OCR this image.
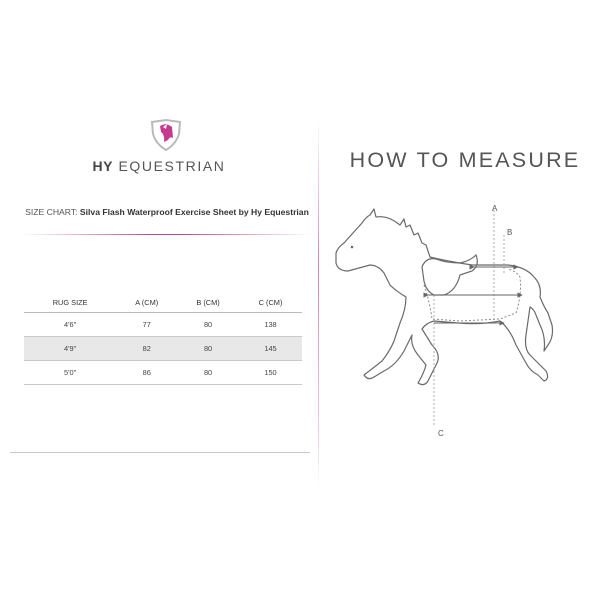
HY EQUESTRIAN
SIZE CHART: Silva Flash Waterproof Exercise Sheet by Hy Equestrian
RUG SIZE	A (CM)	B (CM)	C (CM)
4'6"	77	80	138
4'9"	82	80	145
5'0"	86	80	150
HOW TO MEASURE
A
B
C
